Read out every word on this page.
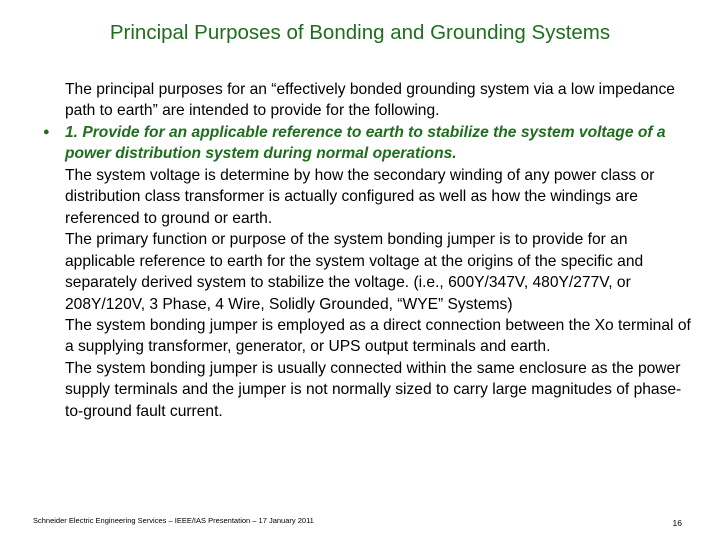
Principal Purposes of Bonding and Grounding Systems

The principal purposes for an “effectively bonded grounding system via a low impedance path to earth” are intended to provide for the following.

● 1. Provide for an applicable reference to earth to stabilize the system voltage of a power distribution system during normal operations.

The system voltage is determine by how the secondary winding of any power class or distribution class transformer is actually configured as well as how the windings are referenced to ground or earth.

The primary function or purpose of the system bonding jumper is to provide for an applicable reference to earth for the system voltage at the origins of the specific and separately derived system to stabilize the voltage. (i.e., 600Y/347V, 480Y/277V, or 208Y/120V, 3 Phase, 4 Wire, Solidly Grounded, “WYE” Systems)

The system bonding jumper is employed as a direct connection between the Xo terminal of a supplying transformer, generator, or UPS output terminals and earth.

The system bonding jumper is usually connected within the same enclosure as the power supply terminals and the jumper is not normally sized to carry large magnitudes of phase-to-ground fault current.

Schneider Electric Engineering Services – IEEE/IAS Presentation – 17 January 2011	16
